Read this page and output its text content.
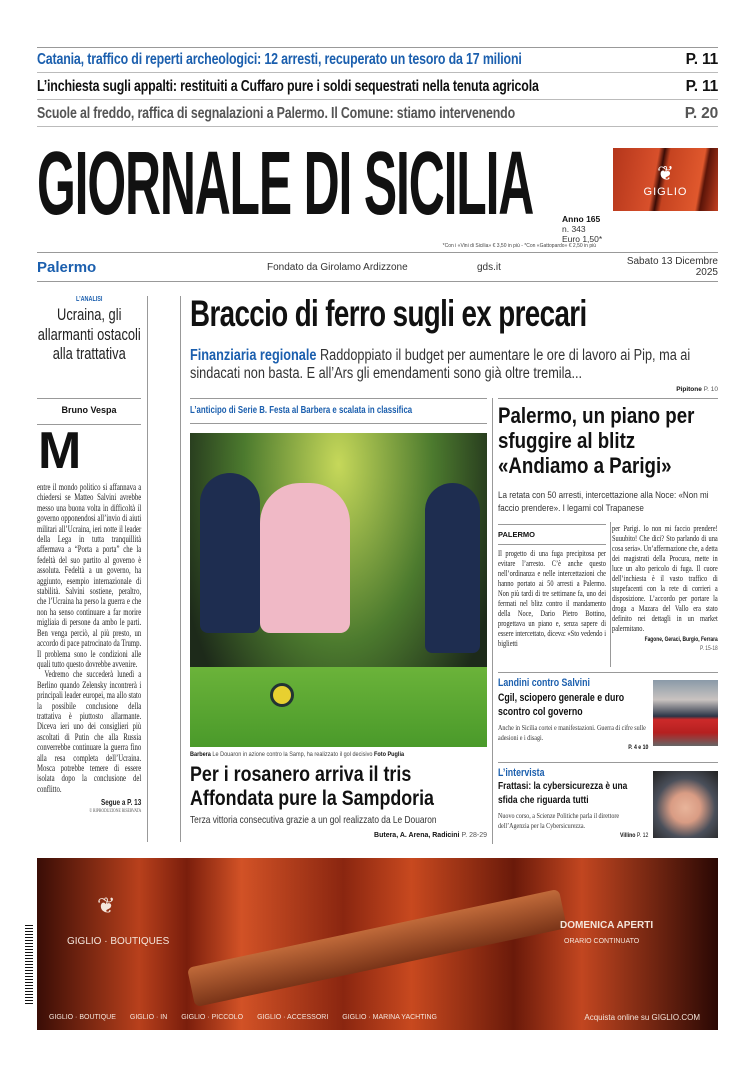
Catania, traffico di reperti archeologici: 12 arresti, recuperato un tesoro da 17 milioni	P. 11
L’inchiesta sugli appalti: restituiti a Cuffaro pure i soldi sequestrati nella tenuta agricola	P. 11
Scuole al freddo, raffica di segnalazioni a Palermo. Il Comune: stiamo intervenendo	P. 20
GIORNALE DI SICILIA	❦
GIGLIO
Anno 165
n. 343
Euro 1,50*
*Con i «Vini di Sicilia» € 3,50 in più - *Con «Gattopardo» € 2,50 in più
Palermo	Fondato da Girolamo Ardizzone	gds.it	Sabato 13 Dicembre 2025
L’ANALISI
Ucraina, gli allarmanti ostacoli alla trattativa
Bruno Vespa
M

entre il mondo politico si affannava a chiedersi se Matteo Salvini avrebbe messo una buona volta in difficoltà il governo opponendosi all’invio di aiuti militari all’Ucraina, ieri notte il leader della Lega in tutta tranquillità affermava a “Porta a porta” che la fedeltà del suo partito al governo è assoluta. Fedeltà a un governo, ha aggiunto, esempio internazionale di stabilità. Salvini sostiene, peraltro, che l’Ucraina ha perso la guerra e che non ha senso continuare a far morire migliaia di persone da ambo le parti. Ben venga perciò, al più presto, un accordo di pace patrocinato da Trump. Il problema sono le condizioni alle quali tutto questo dovrebbe avvenire.

Vedremo che succederà lunedì a Berlino quando Zelensky incontrerà i principali leader europei, ma allo stato la possibile conclusione della trattativa è piuttosto allarmante. Diceva ieri uno dei consiglieri più ascoltati di Putin che alla Russia converrebbe continuare la guerra fino alla resa completa dell’Ucraina. Mosca potrebbe temere di essere isolata dopo la conclusione del conflitto.

Segue a P. 13
© RIPRODUZIONE RISERVATA
Braccio di ferro sugli ex precari
Finanziaria regionale Raddoppiato il budget per aumentare le ore di lavoro ai Pip, ma ai sindacati non basta. E all’Ars gli emendamenti sono già oltre tremila...
Pipitone P. 10
L’anticipo di Serie B. Festa al Barbera e scalata in classifica
Barbera Le Douaron in azione contro la Samp, ha realizzato il gol decisivo Foto Puglia
Per i rosanero arriva il tris
Affondata pure la Sampdoria
Terza vittoria consecutiva grazie a un gol realizzato da Le Douaron
Butera, A. Arena, Radicini P. 28-29
Palermo, un piano per sfuggire al blitz «Andiamo a Parigi»
La retata con 50 arresti, intercettazione alla Noce: «Non mi faccio prendere». I legami col Trapanese
PALERMO
Il progetto di una fuga precipitosa per evitare l’arresto. C’è anche questo nell’ordinanza e nelle intercettazioni che hanno portato ai 50 arresti a Palermo. Non più tardi di tre settimane fa, uno dei fermati nel blitz contro il mandamento della Noce, Dario Pietro Bottino, progettava un piano e, senza sapere di essere intercettato, diceva: «Sto vedendo i biglietti
per Parigi. Io non mi faccio prendere! Suuubito! Che dici? Sto parlando di una cosa seria». Un’affermazione che, a detta dei magistrati della Procura, mette in luce un alto pericolo di fuga. Il cuore dell’inchiesta è il vasto traffico di stupefacenti con la rete di corrieri a disposizione. L’accordo per portare la droga a Mazara del Vallo era stato definito nei dettagli in un market palermitano.
Fagone, Geraci, Burgio, Ferrara
P. 15-18
Landini contro Salvini
Cgil, sciopero generale e duro scontro col governo
Anche in Sicilia cortei e manifestazioni. Guerra di cifre sulle adesioni e i disagi.
P. 4 e 10
L’intervista
Frattasi: la cybersicurezza è una sfida che riguarda tutti
Nuovo corso, a Scienze Politiche parla il direttore dell’Agenzia per la Cybersicurezza.
Villino P. 12
❦
GIGLIO · BOUTIQUES
DOMENICA APERTI
ORARIO CONTINUATO
GIGLIO · BOUTIQUE GIGLIO · IN GIGLIO · PICCOLO GIGLIO · ACCESSORI GIGLIO · MARINA YACHTING	Acquista online su GIGLIO.COM
